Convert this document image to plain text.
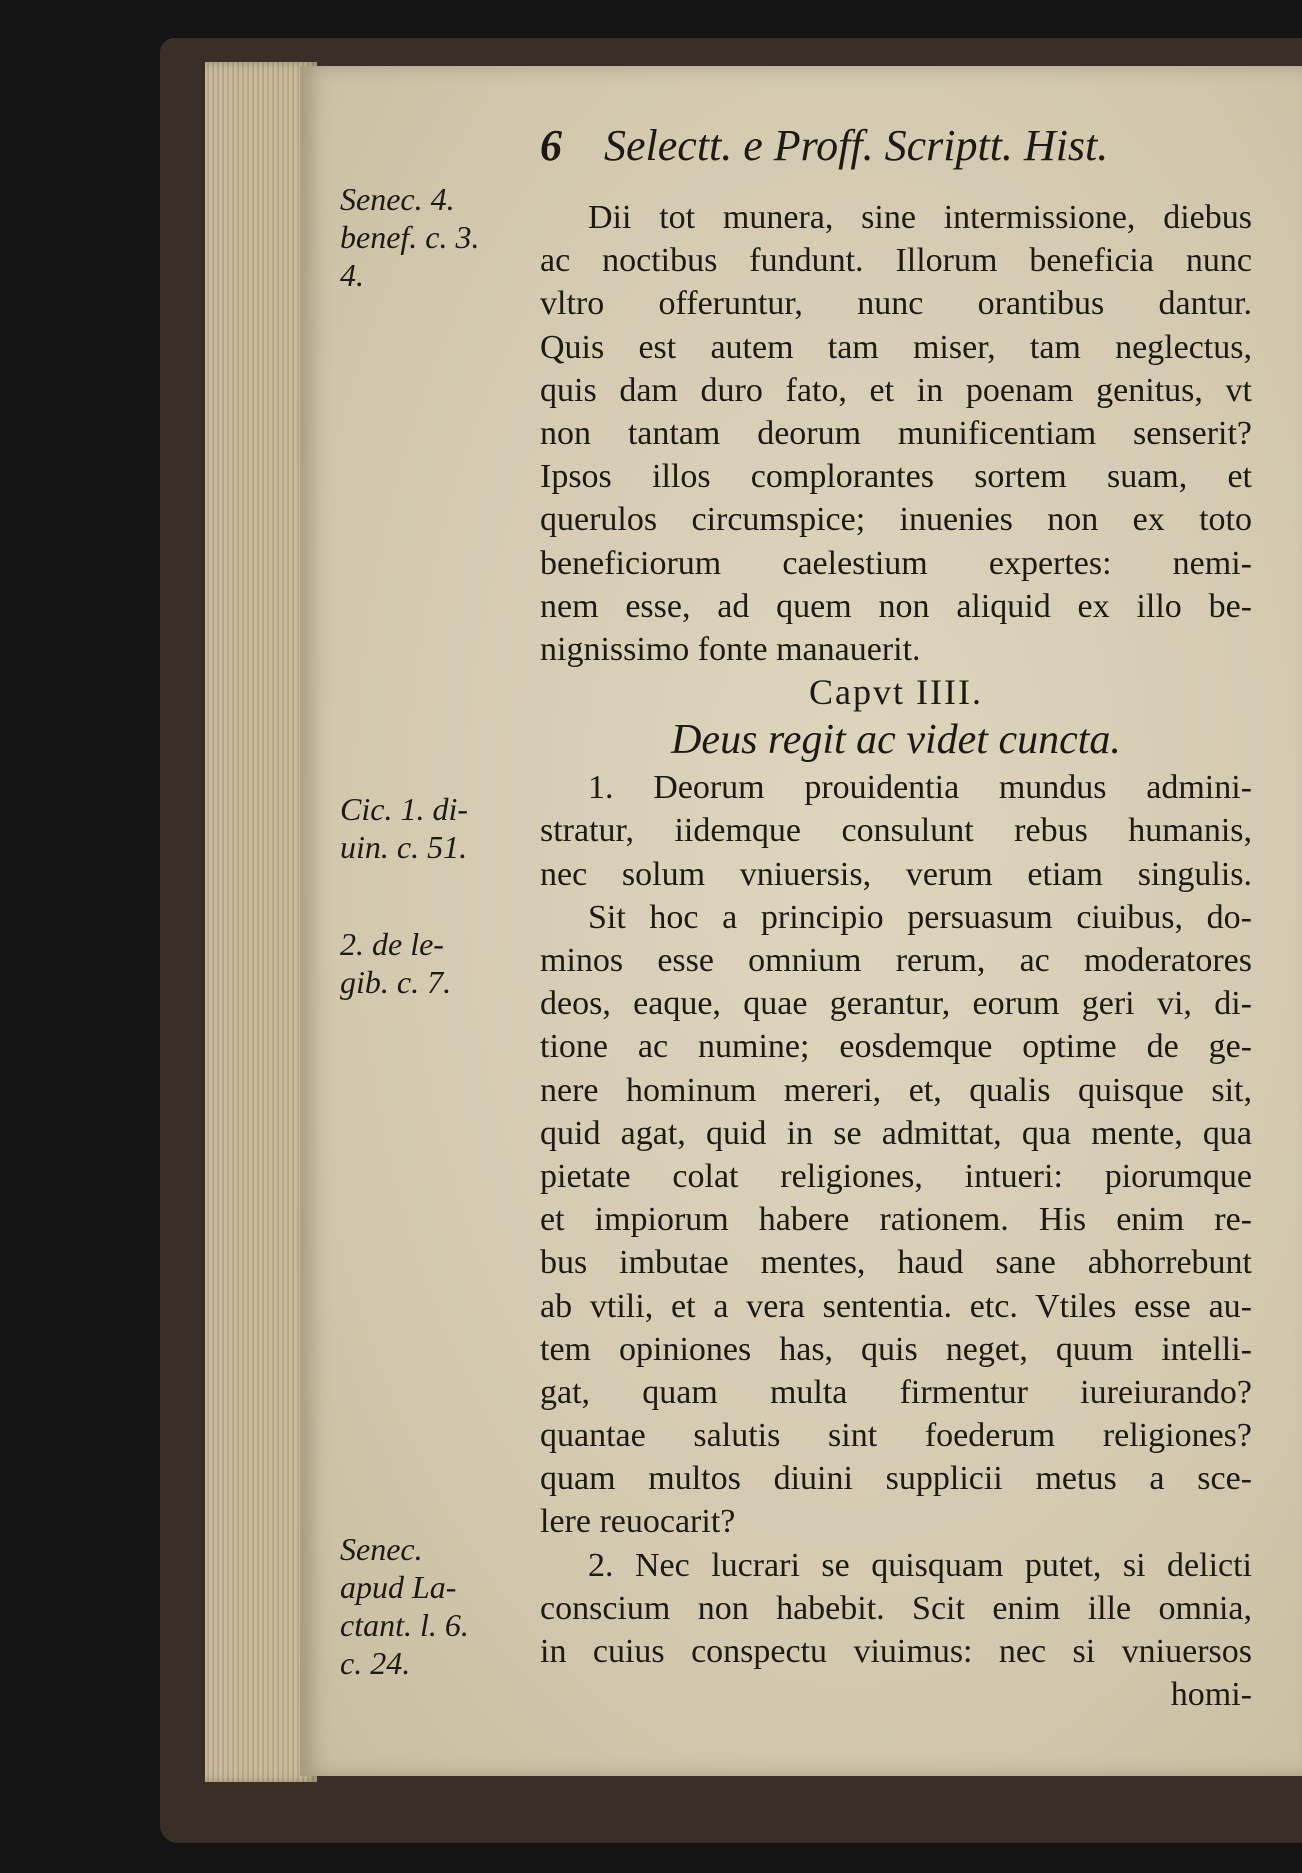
6 Selectt. e Proff. Scriptt. Hist.
Senec. 4.
benef. c. 3.
4.
Cic. 1. di-
uin. c. 51.
2. de le-
gib. c. 7.
Senec.
apud La-
ctant. l. 6.
c. 24.
Dii tot munera, sine intermissione, diebus
ac noctibus fundunt. Illorum beneficia nunc
vltro offeruntur, nunc orantibus dantur.
Quis est autem tam miser, tam neglectus,
quis dam duro fato, et in poenam genitus, vt
non tantam deorum munificentiam senserit?
Ipsos illos complorantes sortem suam, et
querulos circumspice; inuenies non ex toto
beneficiorum caelestium expertes: nemi-
nem esse, ad quem non aliquid ex illo be-
nignissimo fonte manauerit.
Capvt IIII.
Deus regit ac videt cuncta.
1. Deorum prouidentia mundus admini-
stratur, iidemque consulunt rebus humanis,
nec solum vniuersis, verum etiam singulis.
Sit hoc a principio persuasum ciuibus, do-
minos esse omnium rerum, ac moderatores
deos, eaque, quae gerantur, eorum geri vi, di-
tione ac numine; eosdemque optime de ge-
nere hominum mereri, et, qualis quisque sit,
quid agat, quid in se admittat, qua mente, qua
pietate colat religiones, intueri: piorumque
et impiorum habere rationem. His enim re-
bus imbutae mentes, haud sane abhorrebunt
ab vtili, et a vera sententia. etc. Vtiles esse au-
tem opiniones has, quis neget, quum intelli-
gat, quam multa firmentur iureiurando?
quantae salutis sint foederum religiones?
quam multos diuini supplicii metus a sce-
lere reuocarit?
2. Nec lucrari se quisquam putet, si delicti
conscium non habebit. Scit enim ille omnia,
in cuius conspectu viuimus: nec si vniuersos
homi-
